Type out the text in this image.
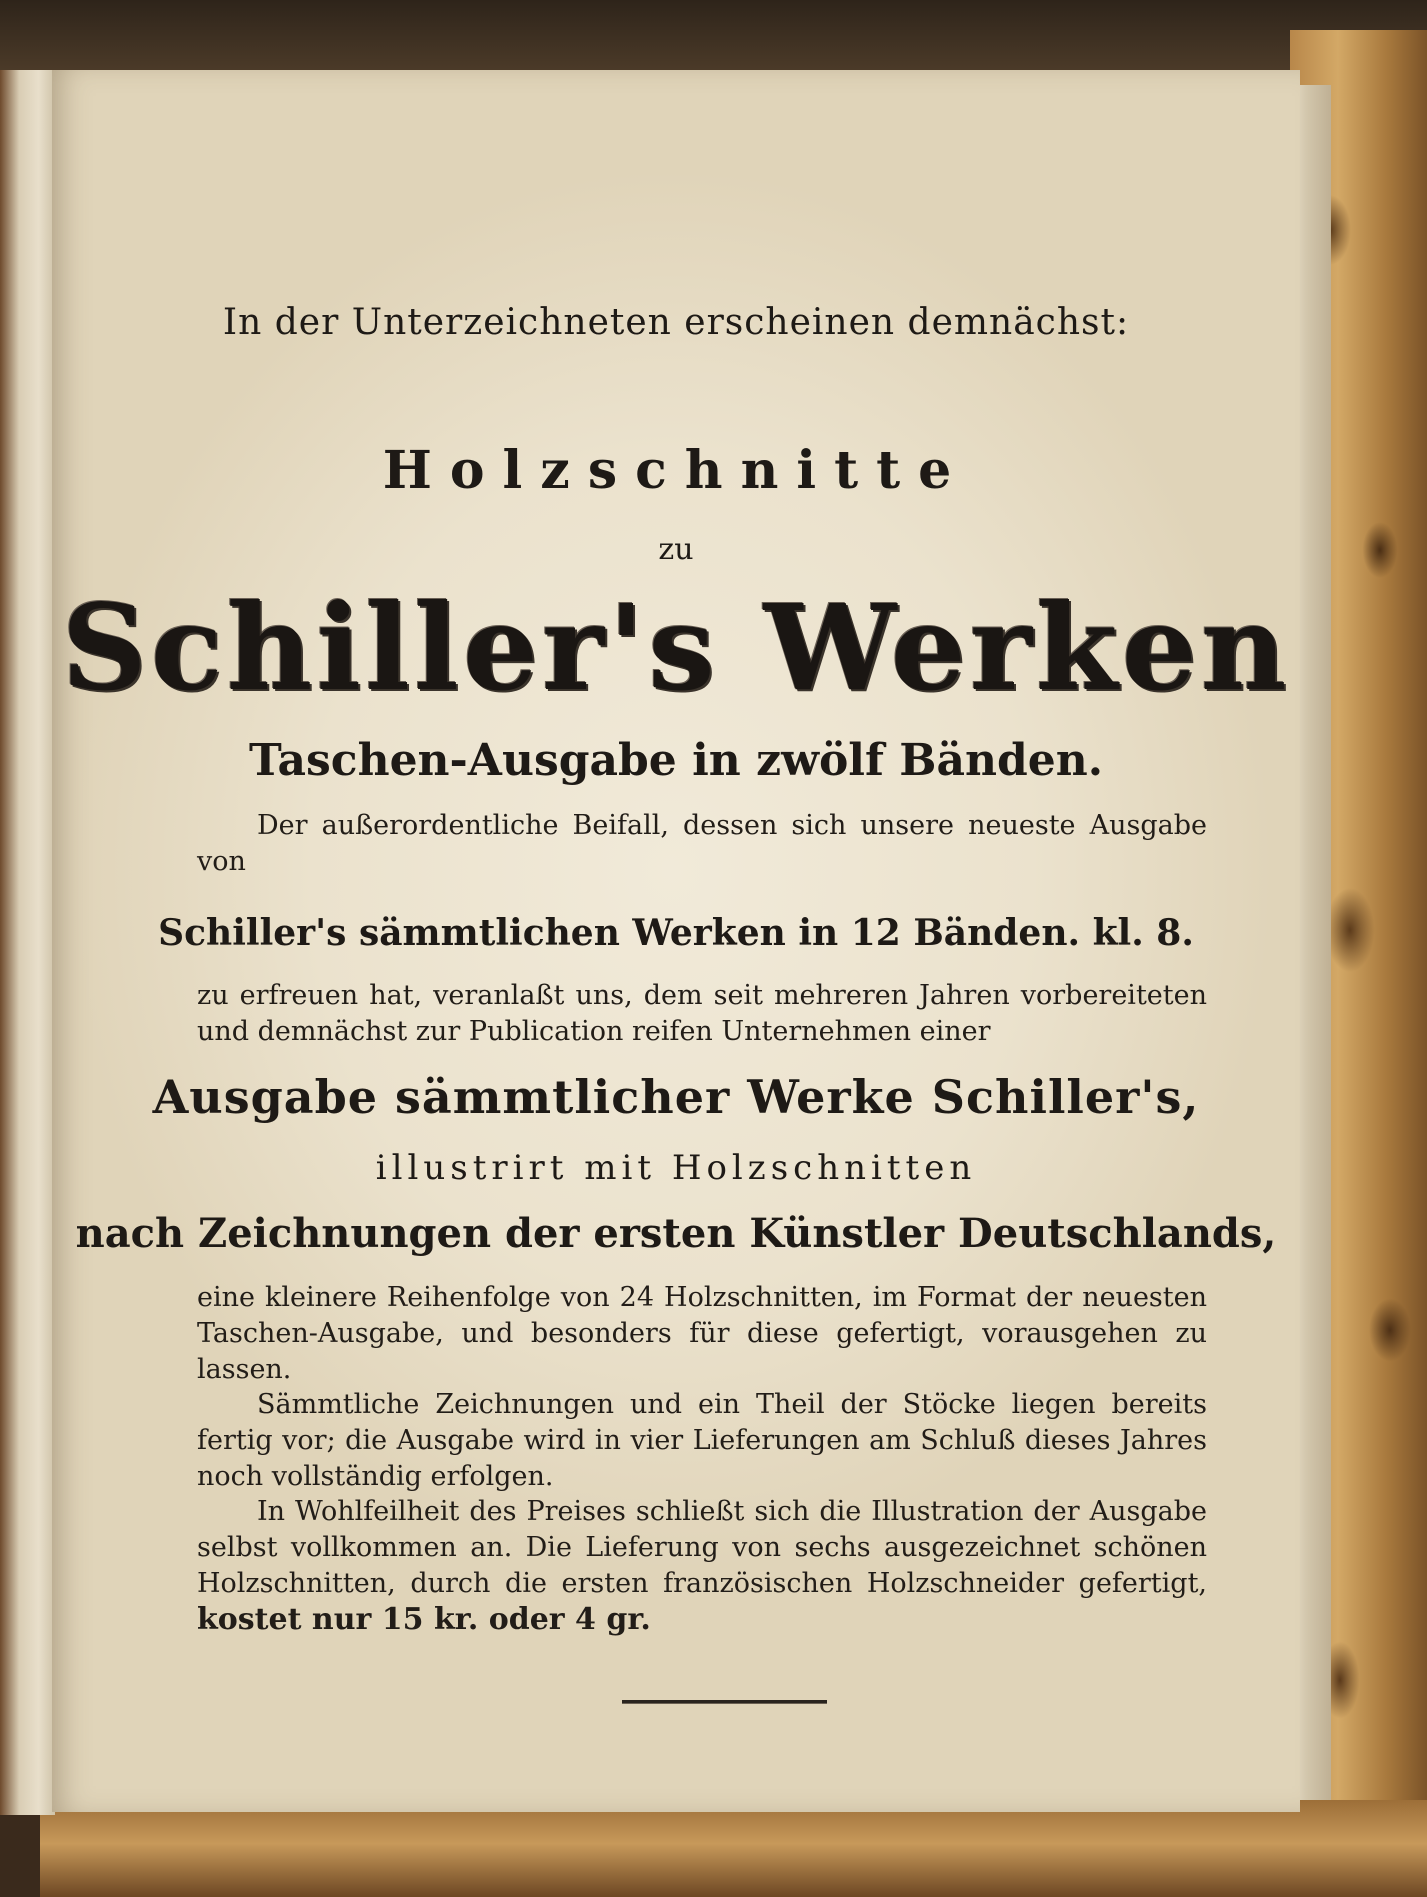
In der Unterzeichneten erscheinen demnächst:
Holzschnitte
zu
Schiller's Werken
Taschen-Ausgabe in zwölf Bänden.
Der außerordentliche Beifall, dessen sich unsere neueste Ausgabe von
Schiller's sämmtlichen Werken in 12 Bänden. kl. 8.
zu erfreuen hat, veranlaßt uns, dem seit mehreren Jahren vorbereiteten und demnächst zur Publication reifen Unternehmen einer
Ausgabe sämmtlicher Werke Schiller's,
illustrirt mit Holzschnitten
nach Zeichnungen der ersten Künstler Deutschlands,
eine kleinere Reihenfolge von 24 Holzschnitten, im Format der neuesten Taschen-Ausgabe, und besonders für diese gefertigt, vorausgehen zu lassen.
Sämmtliche Zeichnungen und ein Theil der Stöcke liegen bereits fertig vor; die Ausgabe wird in vier Lieferungen am Schluß dieses Jahres noch vollständig erfolgen.
In Wohlfeilheit des Preises schließt sich die Illustration der Ausgabe selbst vollkommen an. Die Lieferung von sechs ausgezeichnet schönen Holzschnitten, durch die ersten französischen Holzschneider gefertigt, kostet nur 15 kr. oder 4 gr.
